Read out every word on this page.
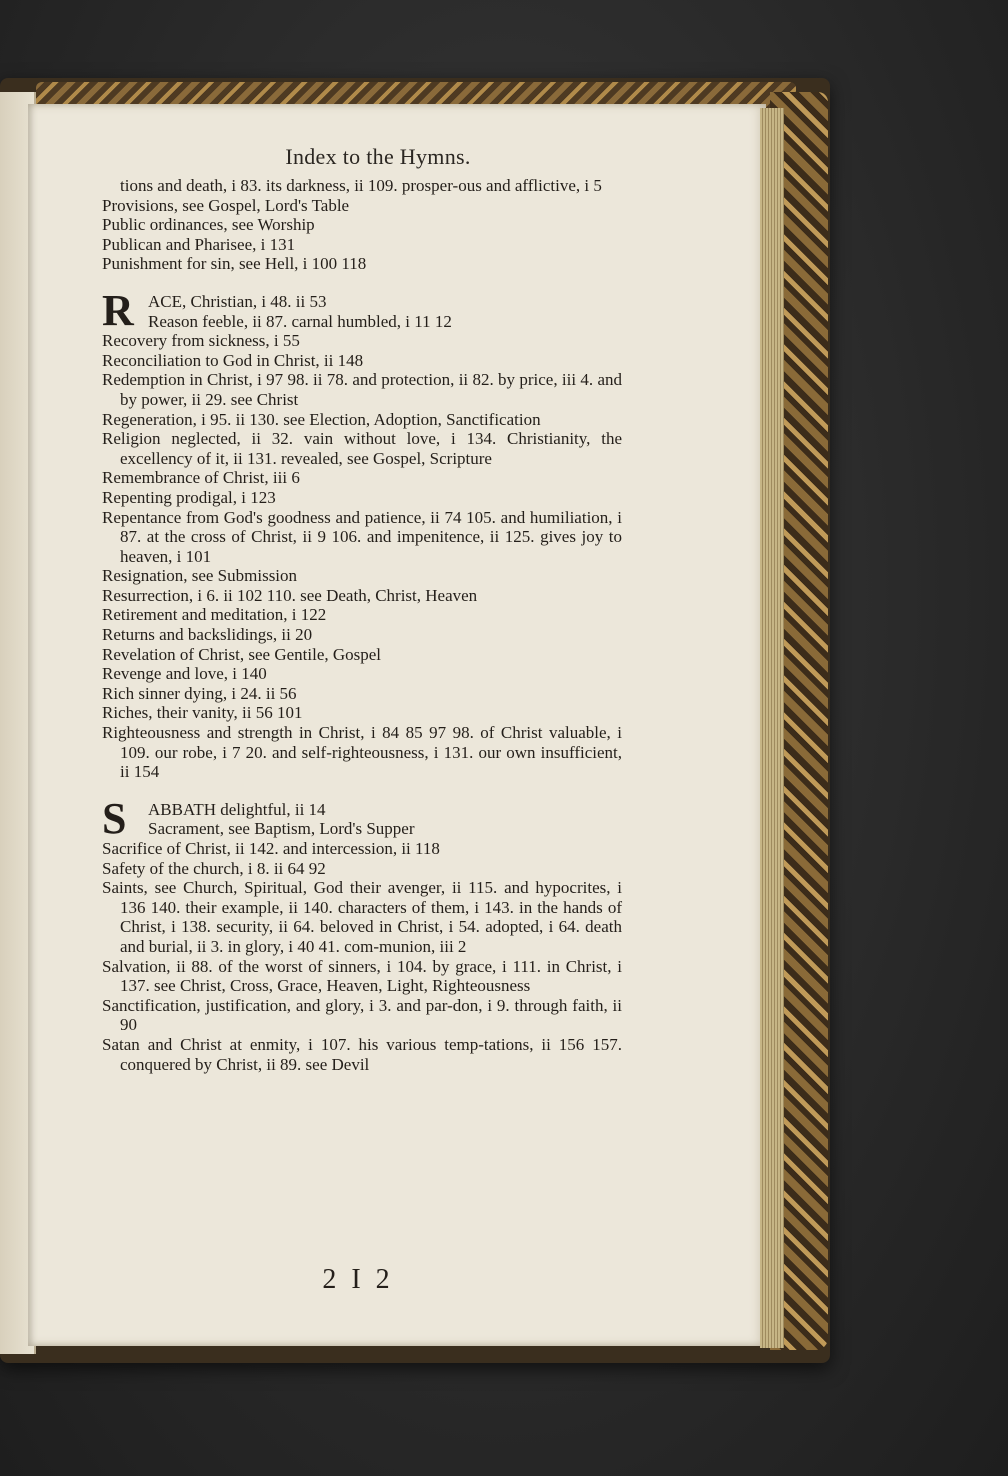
Index to the Hymns.

tions and death, i 83. its darkness, ii 109. prosper-ous and afflictive, i 5

Provisions, see Gospel, Lord's Table

Public ordinances, see Worship

Publican and Pharisee, i 131

Punishment for sin, see Hell, i 100 118

R ACE, Christian, i 48. ii 53

Reason feeble, ii 87. carnal humbled, i 11 12

Recovery from sickness, i 55

Reconciliation to God in Christ, ii 148

Redemption in Christ, i 97 98. ii 78. and protection, ii 82. by price, iii 4. and by power, ii 29. see Christ

Regeneration, i 95. ii 130. see Election, Adoption, Sanctification

Religion neglected, ii 32. vain without love, i 134. Christianity, the excellency of it, ii 131. revealed, see Gospel, Scripture

Remembrance of Christ, iii 6

Repenting prodigal, i 123

Repentance from God's goodness and patience, ii 74 105. and humiliation, i 87. at the cross of Christ, ii 9 106. and impenitence, ii 125. gives joy to heaven, i 101

Resignation, see Submission

Resurrection, i 6. ii 102 110. see Death, Christ, Heaven

Retirement and meditation, i 122

Returns and backslidings, ii 20

Revelation of Christ, see Gentile, Gospel

Revenge and love, i 140

Rich sinner dying, i 24. ii 56

Riches, their vanity, ii 56 101

Righteousness and strength in Christ, i 84 85 97 98. of Christ valuable, i 109. our robe, i 7 20. and self-righteousness, i 131. our own insufficient, ii 154

S ABBATH delightful, ii 14

Sacrament, see Baptism, Lord's Supper

Sacrifice of Christ, ii 142. and intercession, ii 118

Safety of the church, i 8. ii 64 92

Saints, see Church, Spiritual, God their avenger, ii 115. and hypocrites, i 136 140. their example, ii 140. characters of them, i 143. in the hands of Christ, i 138. security, ii 64. beloved in Christ, i 54. adopted, i 64. death and burial, ii 3. in glory, i 40 41. com-munion, iii 2

Salvation, ii 88. of the worst of sinners, i 104. by grace, i 111. in Christ, i 137. see Christ, Cross, Grace, Heaven, Light, Righteousness

Sanctification, justification, and glory, i 3. and par-don, i 9. through faith, ii 90

Satan and Christ at enmity, i 107. his various temp-tations, ii 156 157. conquered by Christ, ii 89. see Devil

2 I 2
